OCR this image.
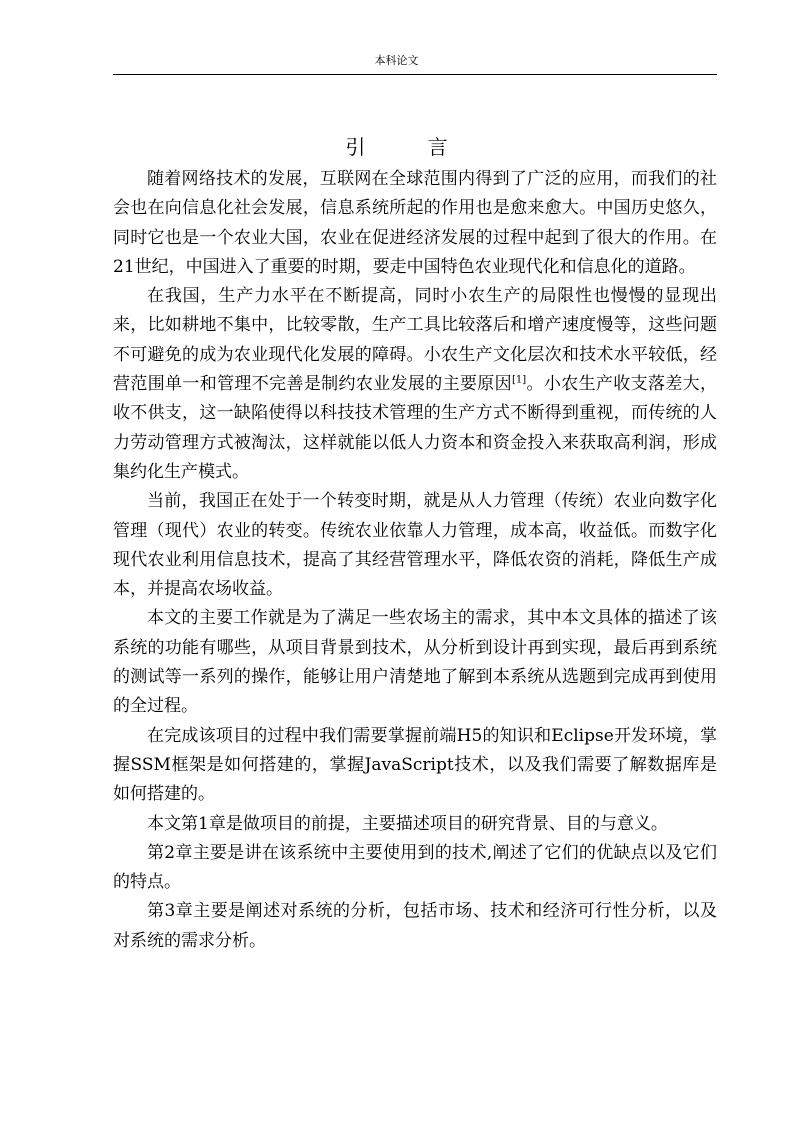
本科论文
引 言

随着网络技术的发展，互联网在全球范围内得到了广泛的应用，而我们的社会也在向信息化社会发展，信息系统所起的作用也是愈来愈大。中国历史悠久，同时它也是一个农业大国，农业在促进经济发展的过程中起到了很大的作用。在21世纪，中国进入了重要的时期，要走中国特色农业现代化和信息化的道路。

在我国，生产力水平在不断提高，同时小农生产的局限性也慢慢的显现出来，比如耕地不集中，比较零散，生产工具比较落后和增产速度慢等，这些问题不可避免的成为农业现代化发展的障碍。小农生产文化层次和技术水平较低，经营范围单一和管理不完善是制约农业发展的主要原因[1]。小农生产收支落差大，收不供支，这一缺陷使得以科技技术管理的生产方式不断得到重视，而传统的人力劳动管理方式被淘汰，这样就能以低人力资本和资金投入来获取高利润，形成集约化生产模式。

当前，我国正在处于一个转变时期，就是从人力管理（传统）农业向数字化管理（现代）农业的转变。传统农业依靠人力管理，成本高，收益低。而数字化现代农业利用信息技术，提高了其经营管理水平，降低农资的消耗，降低生产成本，并提高农场收益。

本文的主要工作就是为了满足一些农场主的需求，其中本文具体的描述了该系统的功能有哪些，从项目背景到技术，从分析到设计再到实现，最后再到系统的测试等一系列的操作，能够让用户清楚地了解到本系统从选题到完成再到使用的全过程。

在完成该项目的过程中我们需要掌握前端H5的知识和Eclipse开发环境，掌握SSM框架是如何搭建的，掌握JavaScript技术，以及我们需要了解数据库是如何搭建的。

本文第1章是做项目的前提，主要描述项目的研究背景、目的与意义。

第2章主要是讲在该系统中主要使用到的技术,阐述了它们的优缺点以及它们的特点。

第3章主要是阐述对系统的分析，包括市场、技术和经济可行性分析，以及对系统的需求分析。
